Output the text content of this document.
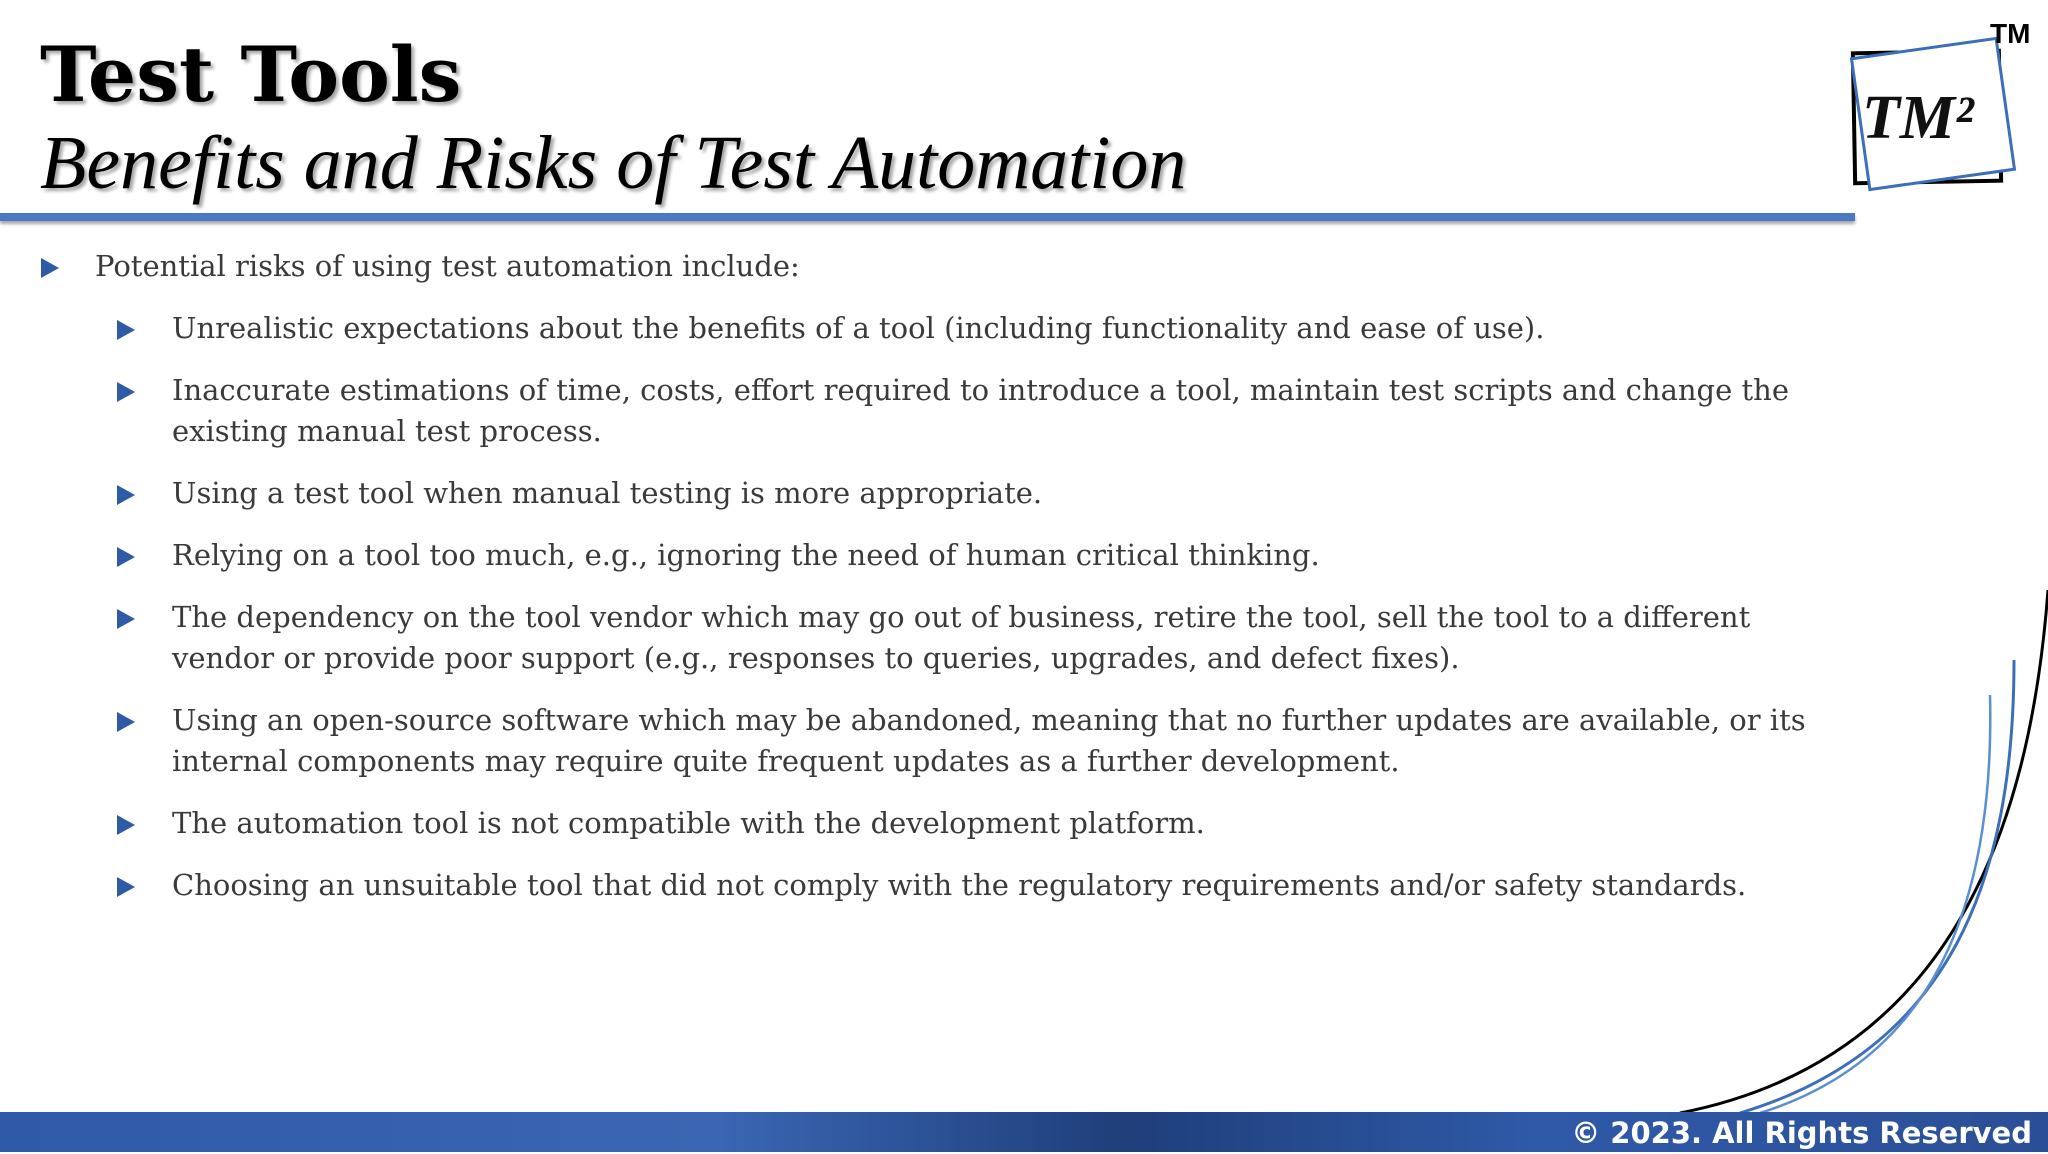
Test Tools
Benefits and Risks of Test Automation
TM²
TM
Potential risks of using test automation include:
Unrealistic expectations about the benefits of a tool (including functionality and ease of use).
Inaccurate estimations of time, costs, effort required to introduce a tool, maintain test scripts and change the existing manual test process.
Using a test tool when manual testing is more appropriate.
Relying on a tool too much, e.g., ignoring the need of human critical thinking.
The dependency on the tool vendor which may go out of business, retire the tool, sell the tool to a different vendor or provide poor support (e.g., responses to queries, upgrades, and defect fixes).
Using an open-source software which may be abandoned, meaning that no further updates are available, or its internal components may require quite frequent updates as a further development.
The automation tool is not compatible with the development platform.
Choosing an unsuitable tool that did not comply with the regulatory requirements and/or safety standards.
© 2023. All Rights Reserved
